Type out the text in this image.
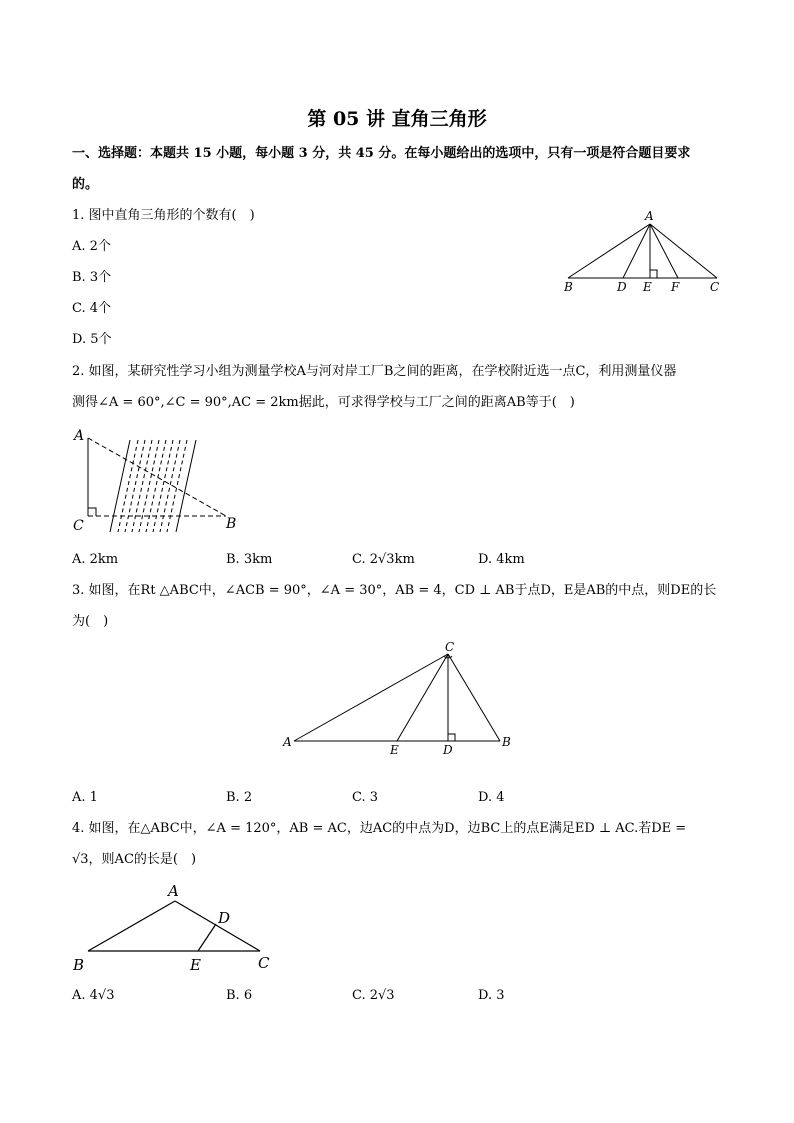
第 05 讲 直角三角形
一、选择题：本题共 15 小题，每小题 3 分，共 45 分。在每小题给出的选项中，只有一项是符合题目要求
的。
1. 图中直角三角形的个数有(　)
A. 2个
B. 3个
C. 4个
D. 5个
A
B	D E F	C
2. 如图，某研究性学习小组为测量学校A与河对岸工厂B之间的距离，在学校附近选一点C，利用测量仪器
测得∠A = 60°,∠C = 90°,AC = 2km据此，可求得学校与工厂之间的距离AB等于(　)
A
C	B
A. 2km	B. 3km	C. 2√3km	D. 4km
3. 如图，在Rt △ABC中，∠ACB = 90°，∠A = 30°，AB = 4，CD ⊥ AB于点D，E是AB的中点，则DE的长
为(　)
C
A
E	D
B
A. 1	B. 2	C. 3	D. 4
4. 如图，在△ABC中，∠A = 120°，AB = AC，边AC的中点为D，边BC上的点E满足ED ⊥ AC.若DE =
√3，则AC的长是(　)
A
D
B	E	C
A. 4√3	B. 6	C. 2√3	D. 3
